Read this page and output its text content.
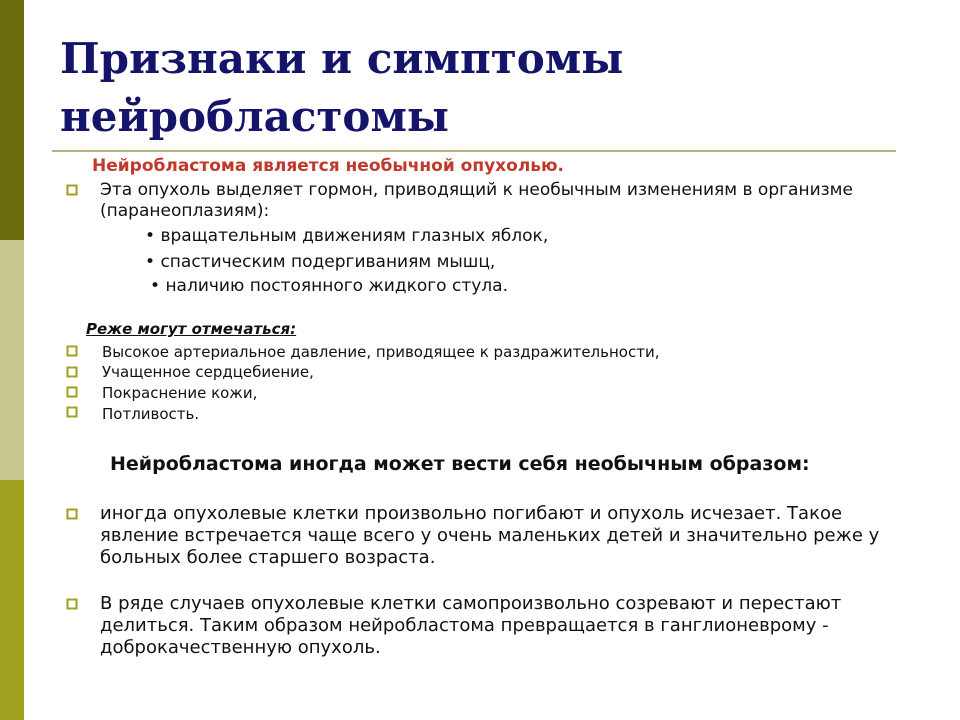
Признаки и симптомы
нейробластомы
Нейробластома является необычной опухолью.
Эта опухоль выделяет гормон, приводящий к необычным изменениям в организме (паранеоплазиям):
• вращательным движениям глазных яблок,
• спастическим подергиваниям мышц,
• наличию постоянного жидкого стула.
Реже могут отмечаться:
Высокое артериальное давление, приводящее к раздражительности,
Учащенное сердцебиение,
Покраснение кожи,
Потливость.
Нейробластома иногда может вести себя необычным образом:
иногда опухолевые клетки произвольно погибают и опухоль исчезает. Такое явление встречается чаще всего у очень маленьких детей и значительно реже у больных более старшего возраста.
В ряде случаев опухолевые клетки самопроизвольно созревают и перестают делиться. Таким образом нейробластома превращается в ганглионеврому - доброкачественную опухоль.
